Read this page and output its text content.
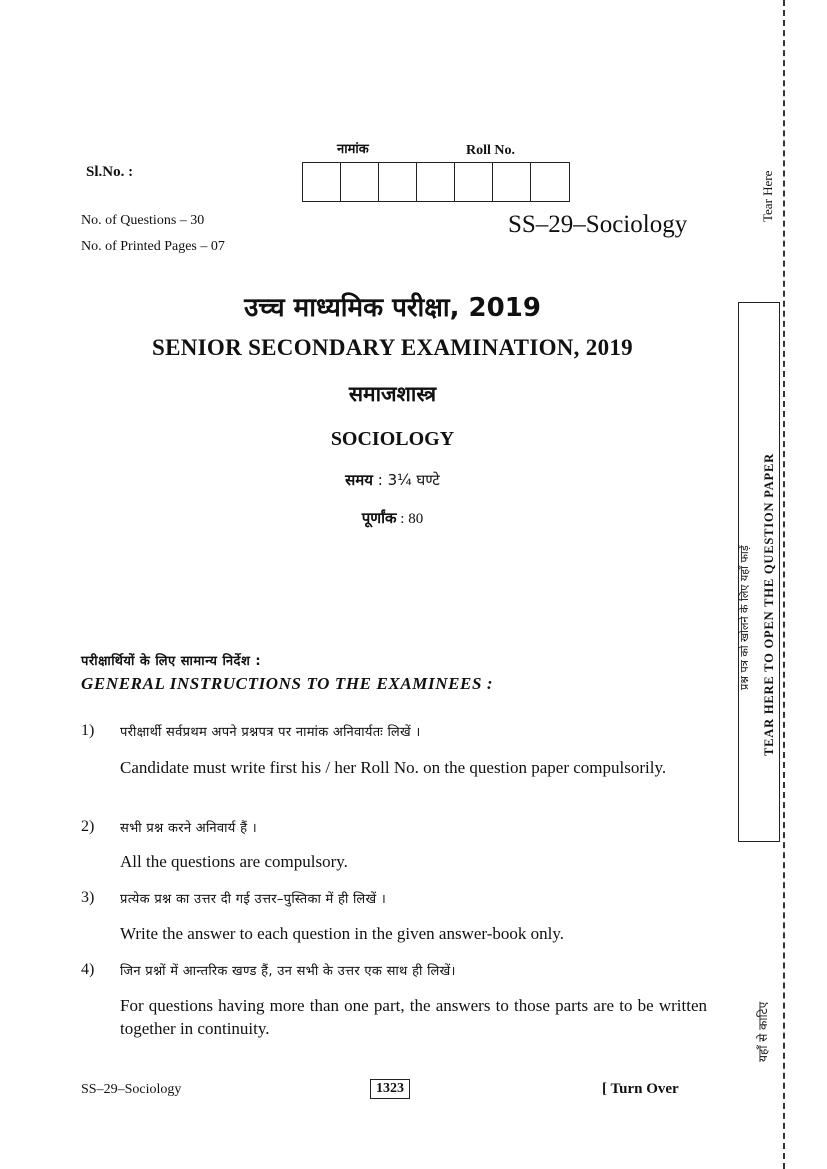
Sl.No. :
नामांक	Roll No.
No. of Questions – 30
No. of Printed Pages – 07
SS–29–Sociology
उच्च माध्यमिक परीक्षा, 2019
SENIOR SECONDARY EXAMINATION, 2019
समाजशास्त्र
SOCIOLOGY
समय : 3¼ घण्टे
पूर्णांक : 80
परीक्षार्थियों के लिए सामान्य निर्देश :
GENERAL INSTRUCTIONS TO THE EXAMINEES :
1) परीक्षार्थी सर्वप्रथम अपने प्रश्नपत्र पर नामांक अनिवार्यतः लिखें ।
Candidate must write first his / her Roll No. on the question paper compulsorily.
2) सभी प्रश्न करने अनिवार्य हैं ।
All the questions are compulsory.
3) प्रत्येक प्रश्न का उत्तर दी गई उत्तर–पुस्तिका में ही लिखें ।
Write the answer to each question in the given answer-book only.
4) जिन प्रश्नों में आन्तरिक खण्ड हैं, उन सभी के उत्तर एक साथ ही लिखें।
For questions having more than one part, the answers to those parts are to be written together in continuity.
SS–29–Sociology	1323	[ Turn Over
Tear Here
प्रश्न पत्र को खोलने के लिए यहाँ फाड़ें TEAR HERE TO OPEN THE QUESTION PAPER
यहाँ से काटिए
